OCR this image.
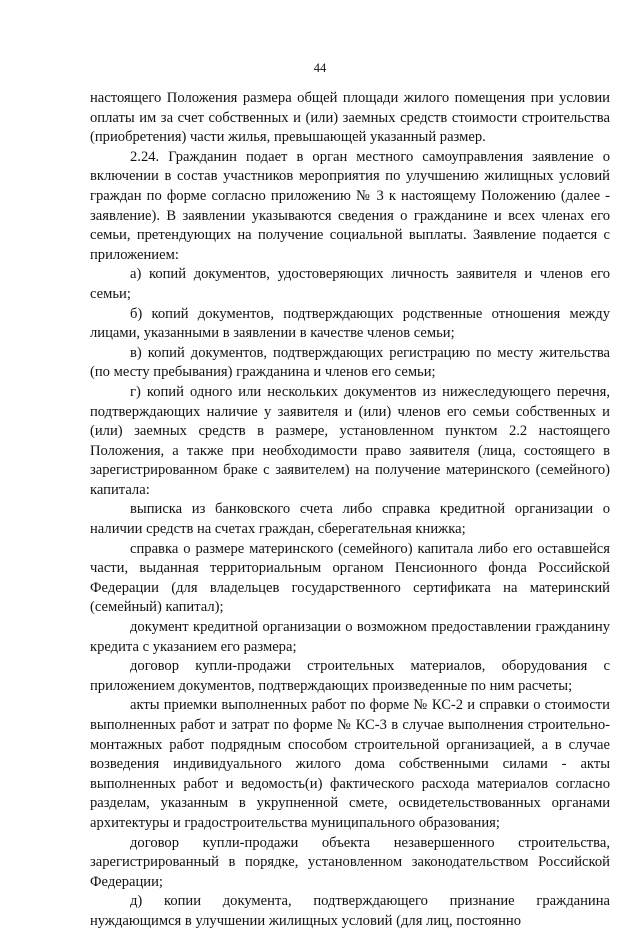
44

настоящего Положения размера общей площади жилого помещения при условии оплаты им за счет собственных и (или) заемных средств стоимости строительства (приобретения) части жилья, превышающей указанный размер.

2.24. Гражданин подает в орган местного самоуправления заявление о включении в состав участников мероприятия по улучшению жилищных условий граждан по форме согласно приложению № 3 к настоящему Положению (далее - заявление). В заявлении указываются сведения о гражданине и всех членах его семьи, претендующих на получение социальной выплаты. Заявление подается с приложением:

а) копий документов, удостоверяющих личность заявителя и членов его семьи;

б) копий документов, подтверждающих родственные отношения между лицами, указанными в заявлении в качестве членов семьи;

в) копий документов, подтверждающих регистрацию по месту жительства (по месту пребывания) гражданина и членов его семьи;

г) копий одного или нескольких документов из нижеследующего перечня, подтверждающих наличие у заявителя и (или) членов его семьи собственных и (или) заемных средств в размере, установленном пунктом 2.2 настоящего Положения, а также при необходимости право заявителя (лица, состоящего в зарегистрированном браке с заявителем) на получение материнского (семейного) капитала:

выписка из банковского счета либо справка кредитной организации о наличии средств на счетах граждан, сберегательная книжка;

справка о размере материнского (семейного) капитала либо его оставшейся части, выданная территориальным органом Пенсионного фонда Российской Федерации (для владельцев государственного сертификата на материнский (семейный) капитал);

документ кредитной организации о возможном предоставлении гражданину кредита с указанием его размера;

договор купли-продажи строительных материалов, оборудования с приложением документов, подтверждающих произведенные по ним расчеты;

акты приемки выполненных работ по форме № КС-2 и справки о стоимости выполненных работ и затрат по форме № КС-3 в случае выполнения строительно-монтажных работ подрядным способом строительной организацией, а в случае возведения индивидуального жилого дома собственными силами - акты выполненных работ и ведомость(и) фактического расхода материалов согласно разделам, указанным в укрупненной смете, освидетельствованных органами архитектуры и градостроительства муниципального образования;

договор купли-продажи объекта незавершенного строительства, зарегистрированный в порядке, установленном законодательством Российской Федерации;

д) копии документа, подтверждающего признание гражданина нуждающимся в улучшении жилищных условий (для лиц, постоянно
